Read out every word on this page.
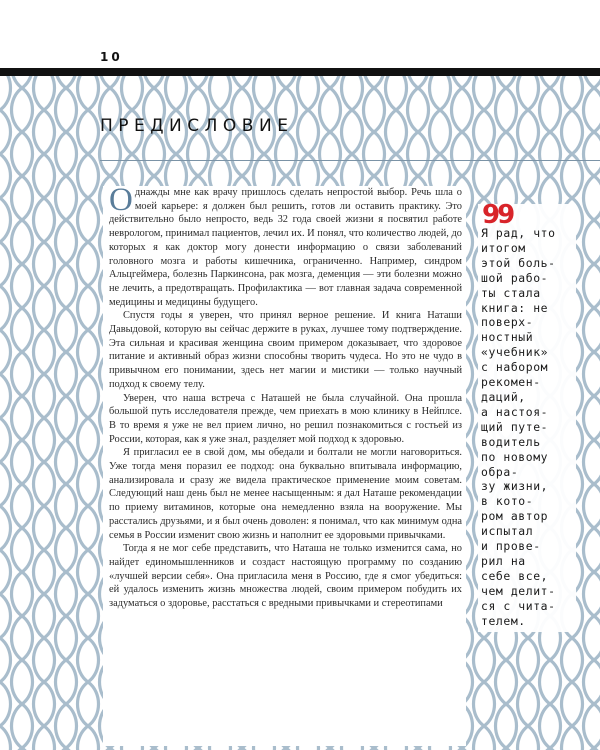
10
ПРЕДИСЛОВИЕ

Однажды мне как врачу пришлось сделать непростой выбор. Речь шла о моей карьере: я должен был решить, готов ли оставить практику. Это действительно было непросто, ведь 32 года своей жизни я посвятил работе неврологом, принимал пациентов, лечил их. И понял, что количество людей, до которых я как доктор могу донести информацию о связи заболеваний головного мозга и работы кишечника, ограниченно. Например, синдром Альцгеймера, болезнь Паркинсона, рак мозга, деменция — эти болезни можно не лечить, а предотвращать. Профилактика — вот главная задача современной медицины и медицины будущего.

Спустя годы я уверен, что принял верное решение. И книга Наташи Давыдовой, которую вы сейчас держите в руках, лучшее тому подтверждение. Эта сильная и красивая женщина своим примером доказывает, что здоровое питание и активный образ жизни способны творить чудеса. Но это не чудо в привычном его понимании, здесь нет магии и мистики — только научный подход к своему телу.

Уверен, что наша встреча с Наташей не была случайной. Она прошла большой путь исследователя прежде, чем приехать в мою клинику в Нейплсе. В то время я уже не вел прием лично, но решил познакомиться с гостьей из России, которая, как я уже знал, разделяет мой подход к здоровью.

Я пригласил ее в свой дом, мы обедали и болтали не могли наговориться. Уже тогда меня поразил ее подход: она буквально впитывала информацию, анализировала и сразу же видела практическое применение моим советам. Следующий наш день был не менее насыщенным: я дал Наташе рекомендации по приему витаминов, которые она немедленно взяла на вооружение. Мы расстались друзьями, и я был очень доволен: я понимал, что как минимум одна семья в России изменит свою жизнь и наполнит ее здоровыми привычками.

Тогда я не мог себе представить, что Наташа не только изменится сама, но найдет единомышленников и создаст настоящую программу по созданию «лучшей версии себя». Она пригласила меня в Россию, где я смог убедиться: ей удалось изменить жизнь множества людей, своим примером побудить их задуматься о здоровье, расстаться с вредными привычками и стереотипами

99
Я рад, что
итогом
этой боль-
шой рабо-
ты стала
книга: не
поверх-
ностный
«учебник»
с набором
рекомен-
даций,
а настоя-
щий путе-
водитель
по новому
обра-
зу жизни,
в кото-
ром автор
испытал
и прове-
рил на
себе все,
чем делит-
ся с чита-
телем.
